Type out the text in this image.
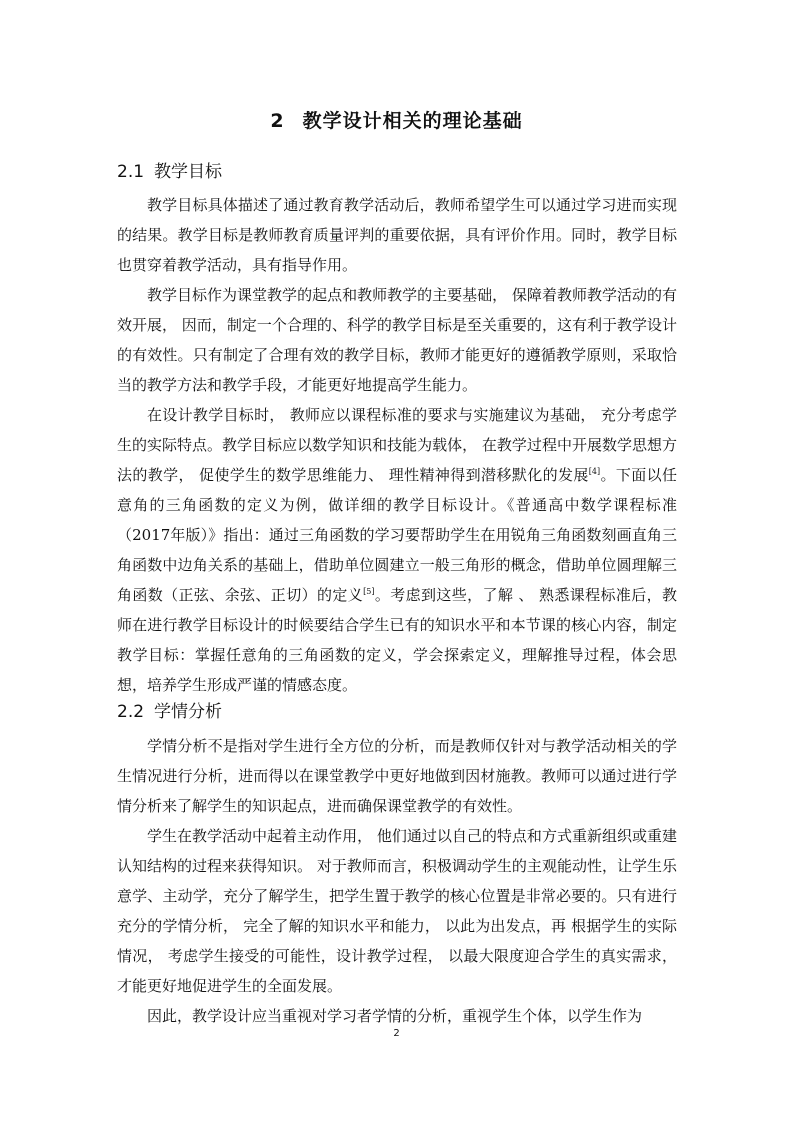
2 教学设计相关的理论基础
2.1 教学目标

教学目标具体描述了通过教育教学活动后，教师希望学生可以通过学习进而实现的结果。教学目标是教师教育质量评判的重要依据，具有评价作用。同时，教学目标也贯穿着教学活动，具有指导作用。

教学目标作为课堂教学的起点和教师教学的主要基础， 保障着教师教学活动的有效开展， 因而，制定一个合理的、科学的教学目标是至关重要的，这有利于教学设计的有效性。只有制定了合理有效的教学目标，教师才能更好的遵循教学原则，采取恰当的教学方法和教学手段，才能更好地提高学生能力。

在设计教学目标时， 教师应以课程标准的要求与实施建议为基础， 充分考虑学生的实际特点。教学目标应以数学知识和技能为载体， 在教学过程中开展数学思想方法的教学， 促使学生的数学思维能力、 理性精神得到潜移默化的发展[4]。下面以任意角的三角函数的定义为例，做详细的教学目标设计。《普通高中数学课程标准（2017年版）》指出：通过三角函数的学习要帮助学生在用锐角三角函数刻画直角三角函数中边角关系的基础上，借助单位圆建立一般三角形的概念，借助单位圆理解三角函数（正弦、余弦、正切）的定义[5]。考虑到这些，了解 、 熟悉课程标准后，教师在进行教学目标设计的时候要结合学生已有的知识水平和本节课的核心内容，制定教学目标：掌握任意角的三角函数的定义，学会探索定义，理解推导过程，体会思想，培养学生形成严谨的情感态度。

2.2 学情分析

学情分析不是指对学生进行全方位的分析，而是教师仅针对与教学活动相关的学生情况进行分析，进而得以在课堂教学中更好地做到因材施教。教师可以通过进行学情分析来了解学生的知识起点，进而确保课堂教学的有效性。

学生在教学活动中起着主动作用， 他们通过以自己的特点和方式重新组织或重建认知结构的过程来获得知识。 对于教师而言，积极调动学生的主观能动性，让学生乐意学、主动学，充分了解学生，把学生置于教学的核心位置是非常必要的。只有进行充分的学情分析， 完全了解的知识水平和能力， 以此为出发点，再 根据学生的实际情况， 考虑学生接受的可能性，设计教学过程， 以最大限度迎合学生的真实需求， 才能更好地促进学生的全面发展。

因此，教学设计应当重视对学习者学情的分析，重视学生个体，以学生作为

2
